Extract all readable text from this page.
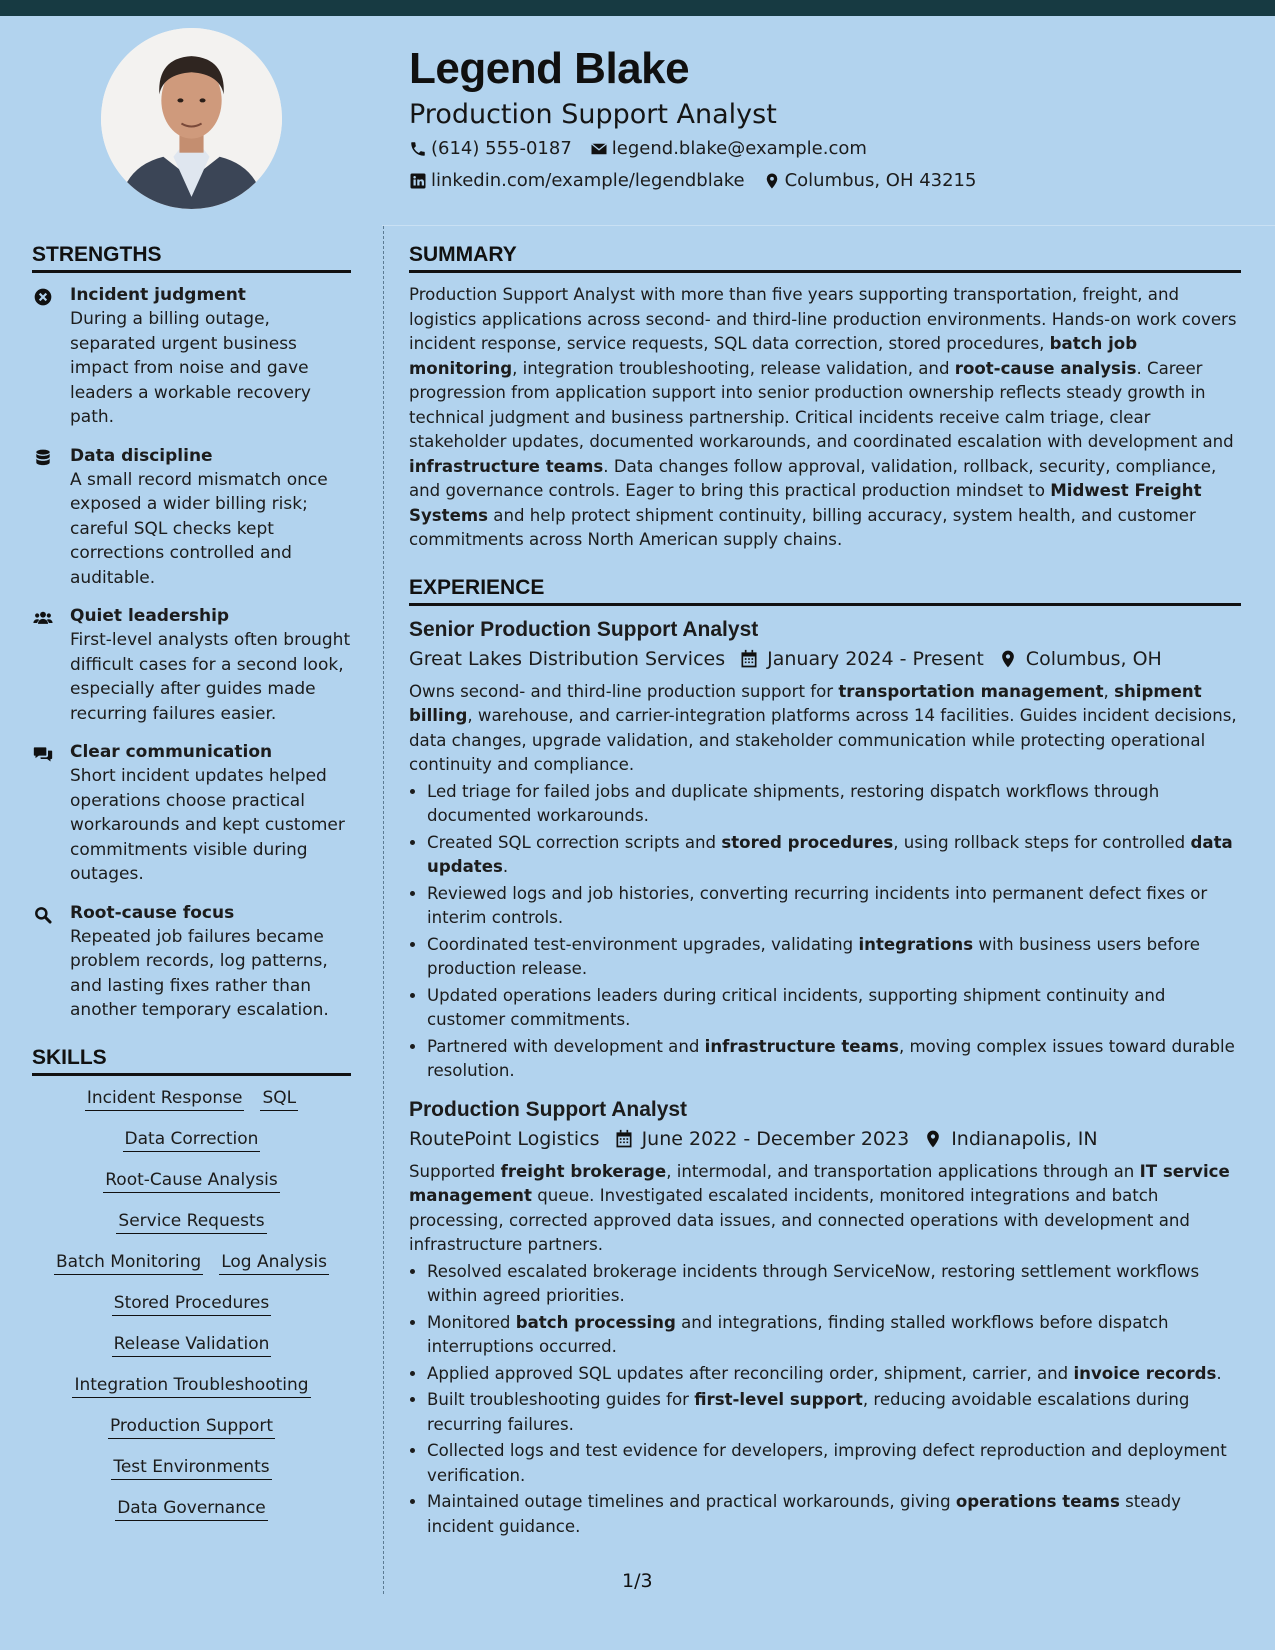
Legend Blake
Production Support Analyst
(614) 555-0187 legend.blake@example.com
linkedin.com/example/legendblake Columbus, OH 43215
STRENGTHS
Incident judgment
During a billing outage, separated urgent business impact from noise and gave leaders a workable recovery path.
Data discipline
A small record mismatch once exposed a wider billing risk; careful SQL checks kept corrections controlled and auditable.
Quiet leadership
First-level analysts often brought difficult cases for a second look, especially after guides made recurring failures easier.
Clear communication
Short incident updates helped operations choose practical workarounds and kept customer commitments visible during outages.
Root-cause focus
Repeated job failures became problem records, log patterns, and lasting fixes rather than another temporary escalation.
SKILLS
Incident Response SQL
Data Correction
Root-Cause Analysis
Service Requests
Batch Monitoring Log Analysis
Stored Procedures
Release Validation
Integration Troubleshooting
Production Support
Test Environments
Data Governance
SUMMARY
Production Support Analyst with more than five years supporting transportation, freight, and logistics applications across second- and third-line production environments. Hands-on work covers incident response, service requests, SQL data correction, stored procedures, batch job monitoring, integration troubleshooting, release validation, and root-cause analysis. Career progression from application support into senior production ownership reflects steady growth in technical judgment and business partnership. Critical incidents receive calm triage, clear stakeholder updates, documented workarounds, and coordinated escalation with development and infrastructure teams. Data changes follow approval, validation, rollback, security, compliance, and governance controls. Eager to bring this practical production mindset to Midwest Freight Systems and help protect shipment continuity, billing accuracy, system health, and customer commitments across North American supply chains.
EXPERIENCE
Senior Production Support Analyst
Great Lakes Distribution Services January 2024 - Present Columbus, OH
Owns second- and third-line production support for transportation management, shipment billing, warehouse, and carrier-integration platforms across 14 facilities. Guides incident decisions, data changes, upgrade validation, and stakeholder communication while protecting operational continuity and compliance.
• Led triage for failed jobs and duplicate shipments, restoring dispatch workflows through documented workarounds.
• Created SQL correction scripts and stored procedures, using rollback steps for controlled data updates.
• Reviewed logs and job histories, converting recurring incidents into permanent defect fixes or interim controls.
• Coordinated test-environment upgrades, validating integrations with business users before production release.
• Updated operations leaders during critical incidents, supporting shipment continuity and customer commitments.
• Partnered with development and infrastructure teams, moving complex issues toward durable resolution.
Production Support Analyst
RoutePoint Logistics June 2022 - December 2023 Indianapolis, IN
Supported freight brokerage, intermodal, and transportation applications through an IT service management queue. Investigated escalated incidents, monitored integrations and batch processing, corrected approved data issues, and connected operations with development and infrastructure partners.
• Resolved escalated brokerage incidents through ServiceNow, restoring settlement workflows within agreed priorities.
• Monitored batch processing and integrations, finding stalled workflows before dispatch interruptions occurred.
• Applied approved SQL updates after reconciling order, shipment, carrier, and invoice records.
• Built troubleshooting guides for first-level support, reducing avoidable escalations during recurring failures.
• Collected logs and test evidence for developers, improving defect reproduction and deployment verification.
• Maintained outage timelines and practical workarounds, giving operations teams steady incident guidance.
1/3
